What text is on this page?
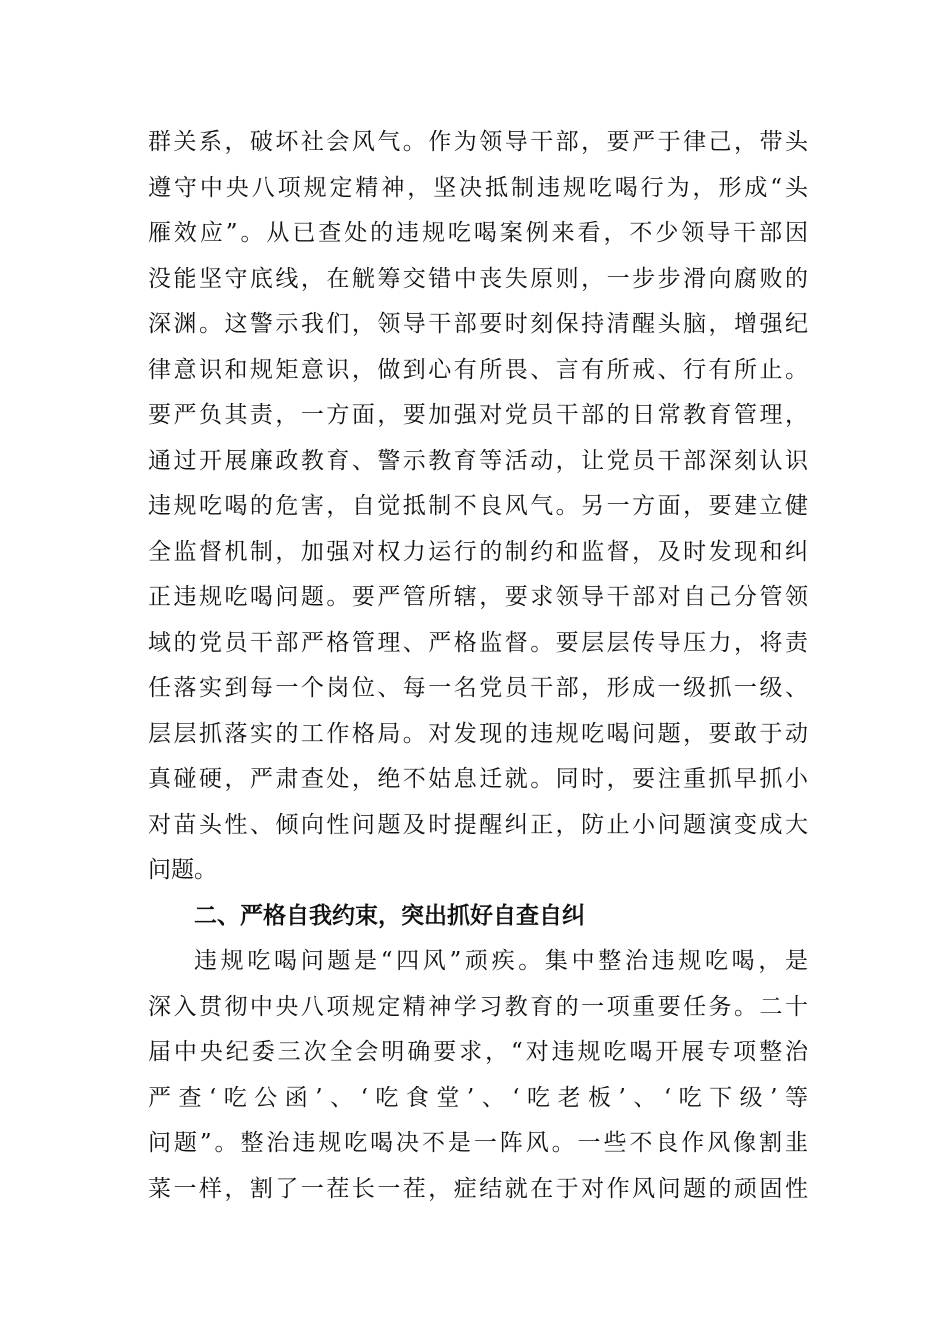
群关系，破坏社会风气。作为领导干部，要严于律己，带头
遵守中央八项规定精神，坚决抵制违规吃喝行为，形成“头
雁效应”。从已查处的违规吃喝案例来看，不少领导干部因
没能坚守底线，在觥筹交错中丧失原则，一步步滑向腐败的
深渊。这警示我们，领导干部要时刻保持清醒头脑，增强纪
律意识和规矩意识，做到心有所畏、言有所戒、行有所止。
要严负其责，一方面，要加强对党员干部的日常教育管理，
通过开展廉政教育、警示教育等活动，让党员干部深刻认识
违规吃喝的危害，自觉抵制不良风气。另一方面，要建立健
全监督机制，加强对权力运行的制约和监督，及时发现和纠
正违规吃喝问题。要严管所辖，要求领导干部对自己分管领
域的党员干部严格管理、严格监督。要层层传导压力，将责
任落实到每一个岗位、每一名党员干部，形成一级抓一级、
层层抓落实的工作格局。对发现的违规吃喝问题，要敢于动
真碰硬，严肃查处，绝不姑息迁就。同时，要注重抓早抓小
对苗头性、倾向性问题及时提醒纠正，防止小问题演变成大
问题。
二、严格自我约束，突出抓好自查自纠
违规吃喝问题是“四风”顽疾。集中整治违规吃喝，是
深入贯彻中央八项规定精神学习教育的一项重要任务。二十
届中央纪委三次全会明确要求，“对违规吃喝开展专项整治
严查‘吃公函’、‘吃食堂’、‘吃老板’、‘吃下级’等
问题”。整治违规吃喝决不是一阵风。一些不良作风像割韭
菜一样，割了一茬长一茬，症结就在于对作风问题的顽固性
